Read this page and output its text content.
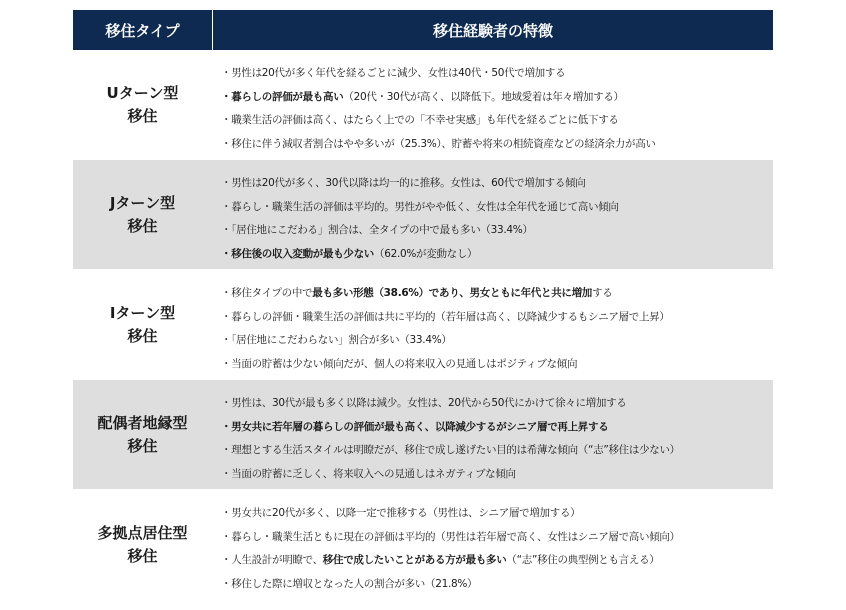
移住タイプ	移住経験者の特徴
Uターン型
移住
・男性は20代が多く年代を経るごとに減少、女性は40代・50代で増加する
・暮らしの評価が最も高い（20代・30代が高く、以降低下。地域愛着は年々増加する）
・職業生活の評価は高く、はたらく上での「不幸せ実感」も年代を経るごとに低下する
・移住に伴う減収者割合はやや多いが（25.3%）、貯蓄や将来の相続資産などの経済余力が高い
Jターン型
移住
・男性は20代が多く、30代以降は均一的に推移。女性は、60代で増加する傾向
・暮らし・職業生活の評価は平均的。男性がやや低く、女性は全年代を通じて高い傾向
・「居住地にこだわる」割合は、全タイプの中で最も多い（33.4%）
・移住後の収入変動が最も少ない（62.0%が変動なし）
Iターン型
移住
・移住タイプの中で最も多い形態（38.6%）であり、男女ともに年代と共に増加する
・暮らしの評価・職業生活の評価は共に平均的（若年層は高く、以降減少するもシニア層で上昇）
・「居住地にこだわらない」割合が多い（33.4%）
・当面の貯蓄は少ない傾向だが、個人の将来収入の見通しはポジティブな傾向
配偶者地縁型
移住
・男性は、30代が最も多く以降は減少。女性は、20代から50代にかけて徐々に増加する
・男女共に若年層の暮らしの評価が最も高く、以降減少するがシニア層で再上昇する
・理想とする生活スタイルは明瞭だが、移住で成し遂げたい目的は希薄な傾向（“志”移住は少ない）
・当面の貯蓄に乏しく、将来収入への見通しはネガティブな傾向
多拠点居住型
移住
・男女共に20代が多く、以降一定で推移する（男性は、シニア層で増加する）
・暮らし・職業生活ともに現在の評価は平均的（男性は若年層で高く、女性はシニア層で高い傾向）
・人生設計が明瞭で、移住で成したいことがある方が最も多い（“志”移住の典型例とも言える）
・移住した際に増収となった人の割合が多い（21.8%）
